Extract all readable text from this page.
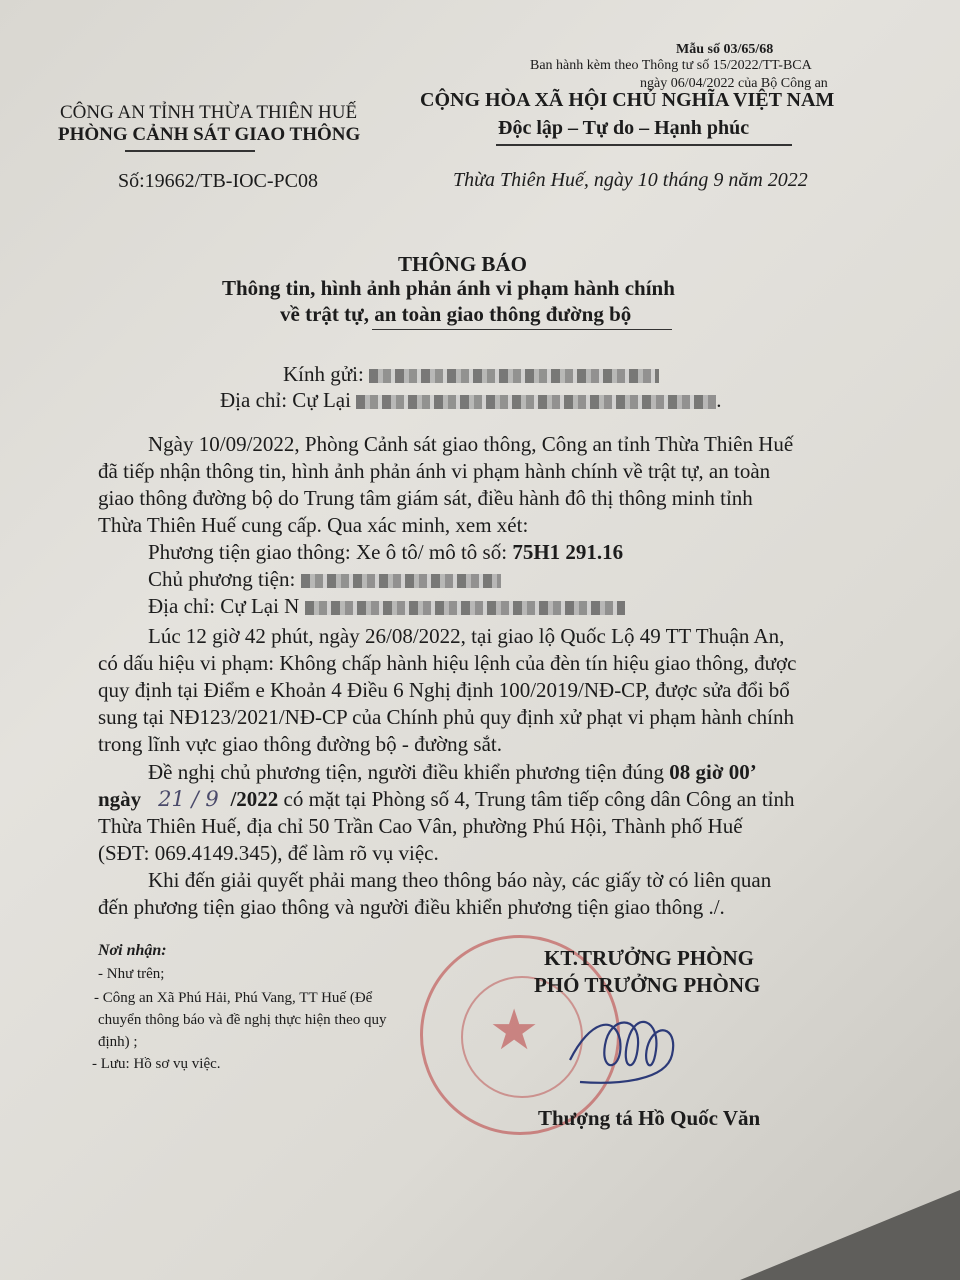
Mẫu số 03/65/68
Ban hành kèm theo Thông tư số 15/2022/TT-BCA
ngày 06/04/2022 của Bộ Công an
CÔNG AN TỈNH THỪA THIÊN HUẾ
PHÒNG CẢNH SÁT GIAO THÔNG
Số:19662/TB-IOC-PC08
CỘNG HÒA XÃ HỘI CHỦ NGHĨA VIỆT NAM
Độc lập – Tự do – Hạnh phúc
Thừa Thiên Huế, ngày 10 tháng 9 năm 2022
THÔNG BÁO
Thông tin, hình ảnh phản ánh vi phạm hành chính
về trật tự, an toàn giao thông đường bộ
Kính gửi:
Địa chỉ: Cự Lại	.
Ngày 10/09/2022, Phòng Cảnh sát giao thông, Công an tỉnh Thừa Thiên Huế
đã tiếp nhận thông tin, hình ảnh phản ánh vi phạm hành chính về trật tự, an toàn
giao thông đường bộ do Trung tâm giám sát, điều hành đô thị thông minh tỉnh
Thừa Thiên Huế cung cấp. Qua xác minh, xem xét:
Phương tiện giao thông: Xe ô tô/ mô tô số: 75H1 291.16
Chủ phương tiện:
Địa chỉ: Cự Lại N
Lúc 12 giờ 42 phút, ngày 26/08/2022, tại giao lộ Quốc Lộ 49 TT Thuận An,
có dấu hiệu vi phạm: Không chấp hành hiệu lệnh của đèn tín hiệu giao thông, được
quy định tại Điểm e Khoản 4 Điều 6 Nghị định 100/2019/NĐ-CP, được sửa đổi bổ
sung tại NĐ123/2021/NĐ-CP của Chính phủ quy định xử phạt vi phạm hành chính
trong lĩnh vực giao thông đường bộ - đường sắt.
Đề nghị chủ phương tiện, người điều khiển phương tiện đúng 08 giờ 00’
ngày 21 / 9 /2022 có mặt tại Phòng số 4, Trung tâm tiếp công dân Công an tỉnh
Thừa Thiên Huế, địa chỉ 50 Trần Cao Vân, phường Phú Hội, Thành phố Huế
(SĐT: 069.4149.345), để làm rõ vụ việc.
Khi đến giải quyết phải mang theo thông báo này, các giấy tờ có liên quan
đến phương tiện giao thông và người điều khiển phương tiện giao thông ./.
Nơi nhận:
- Như trên;
- Công an Xã Phú Hải, Phú Vang, TT Huế (Để
chuyển thông báo và đề nghị thực hiện theo quy
định) ;
- Lưu: Hồ sơ vụ việc.
★
KT.TRƯỞNG PHÒNG
PHÓ TRƯỞNG PHÒNG
Thượng tá Hồ Quốc Văn
